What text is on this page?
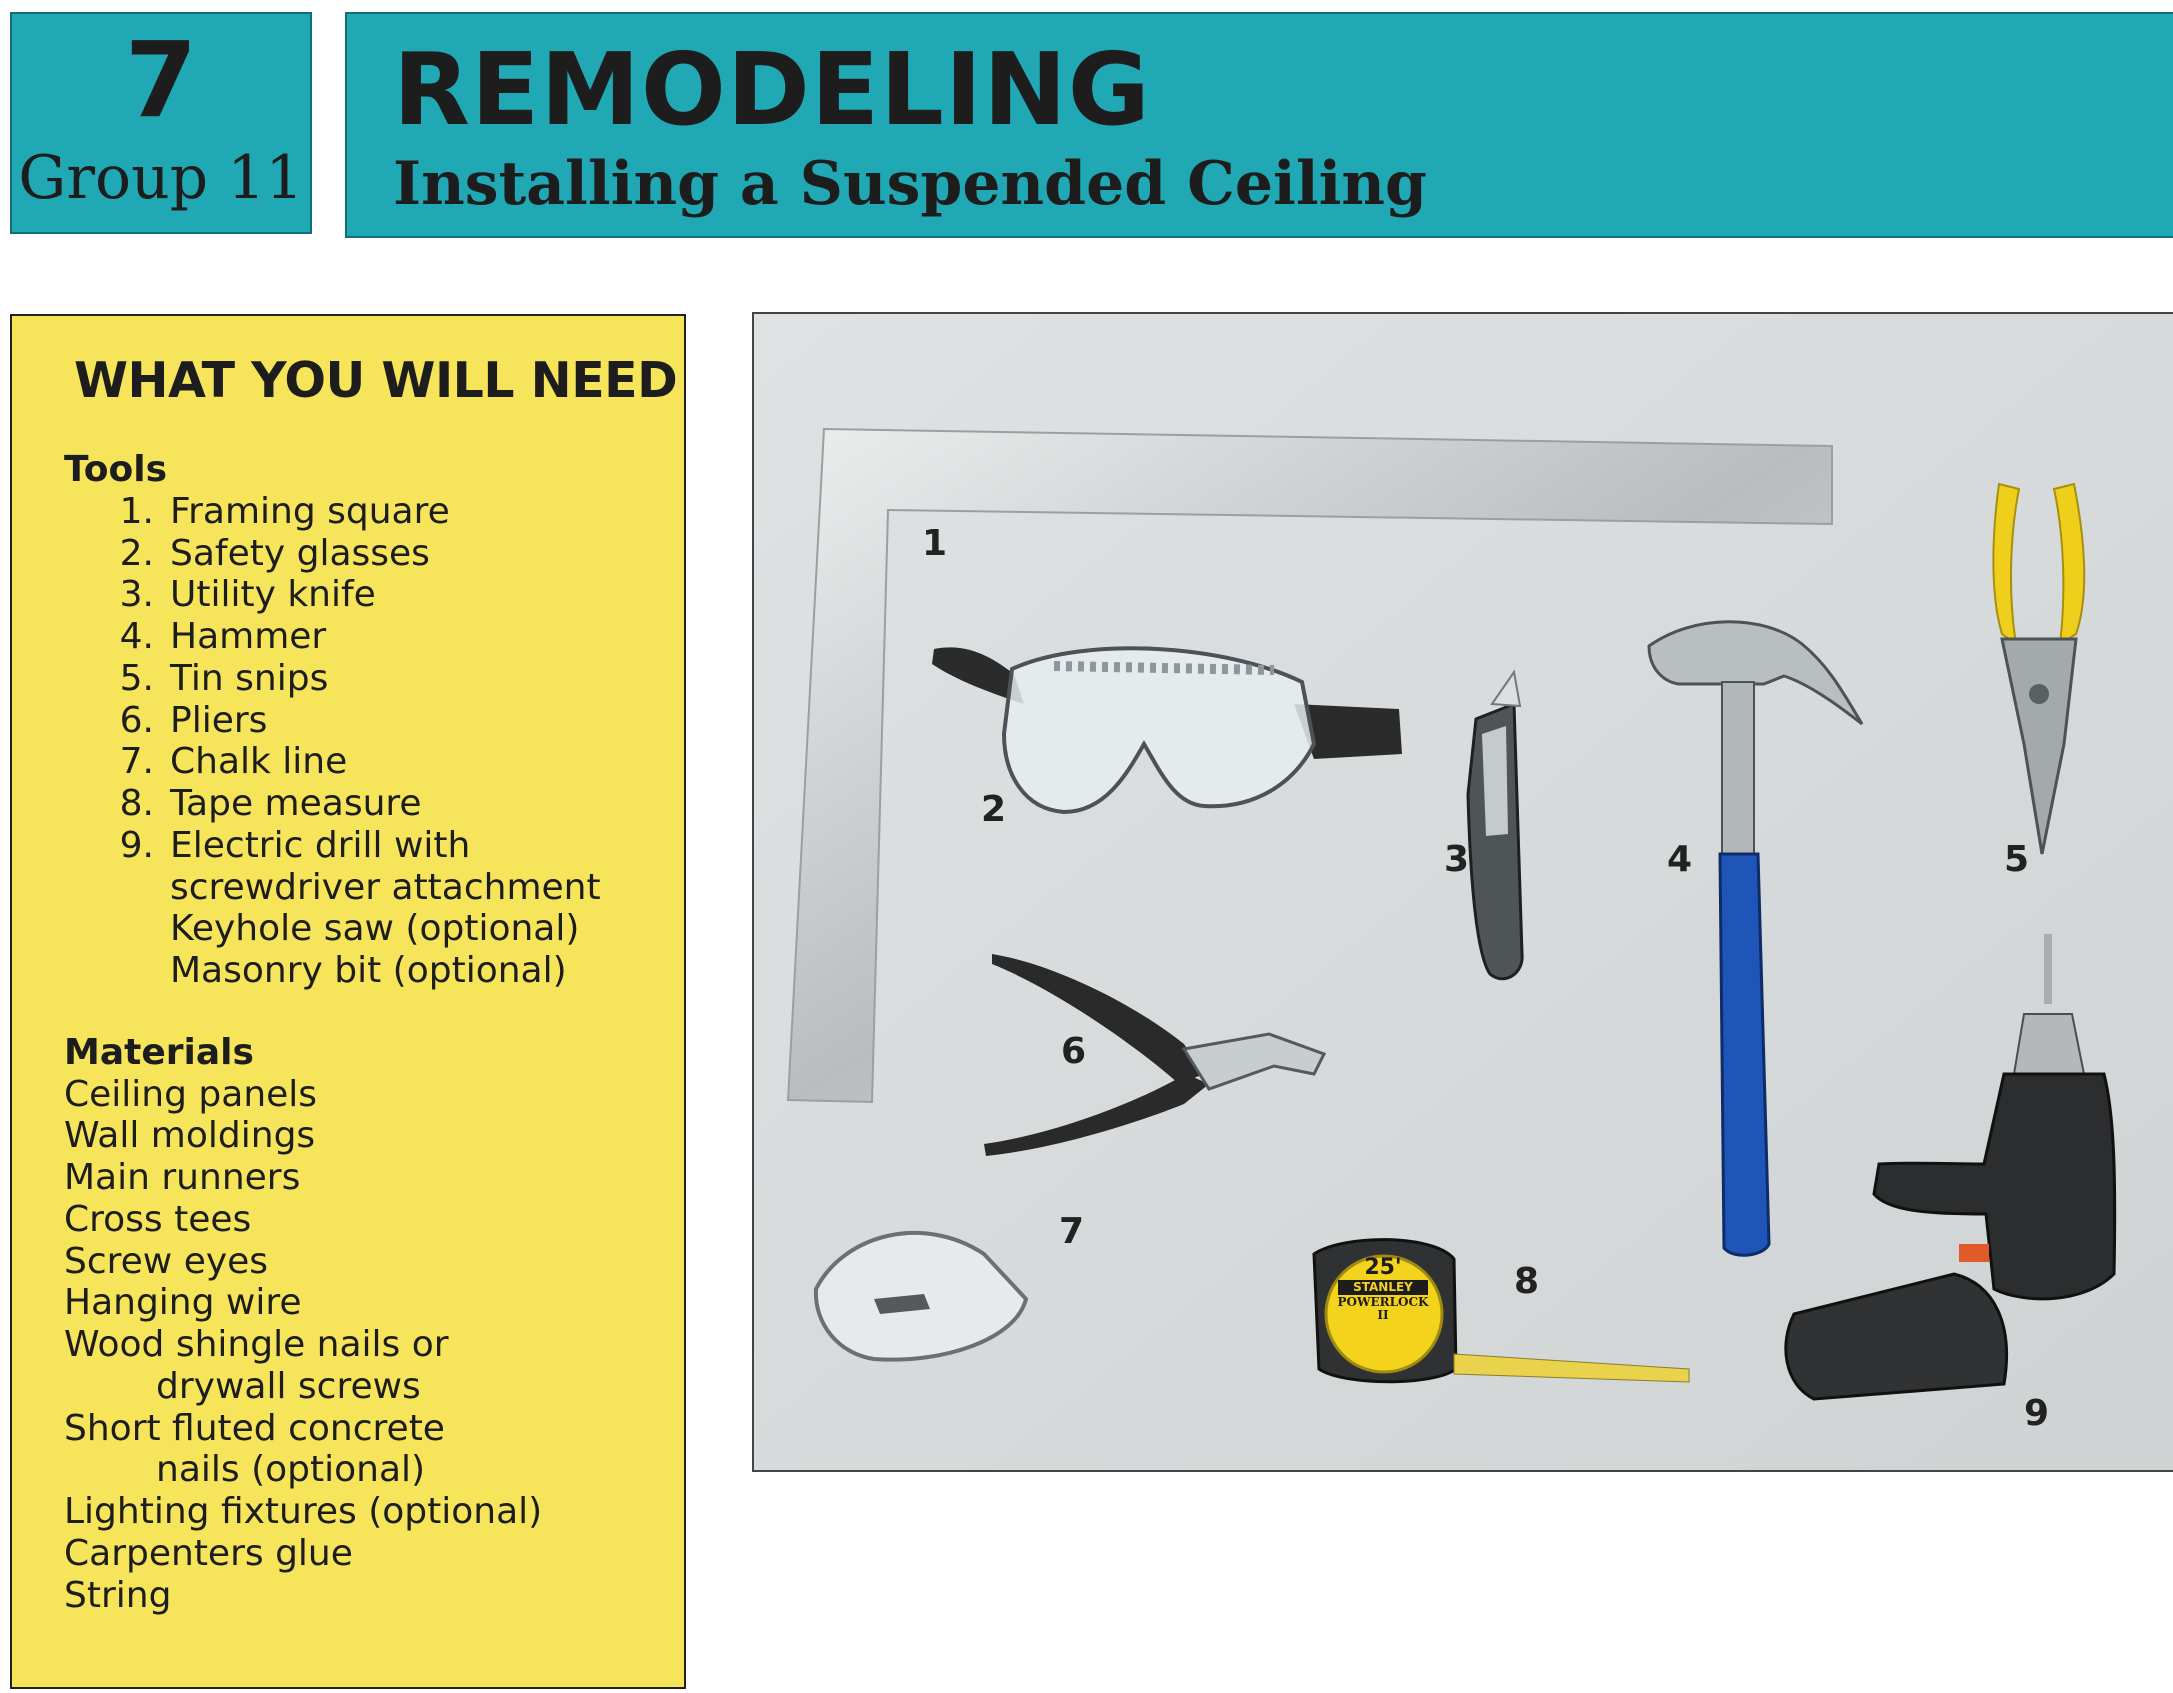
7
Group 11
REMODELING
Installing a Suspended Ceiling
WHAT YOU WILL NEED

Tools

1. Framing square

2. Safety glasses

3. Utility knife

4. Hammer

5. Tin snips

6. Pliers

7. Chalk line

8. Tape measure

9. Electric drill with

screwdriver attachment

Keyhole saw (optional)

Masonry bit (optional)

Materials

Ceiling panels

Wall moldings

Main runners

Cross tees

Screw eyes

Hanging wire

Wood shingle nails or

drywall screws

Short fluted concrete

nails (optional)

Lighting fixtures (optional)

Carpenters glue

String

1
2
3	4	5
6
7
8
9
25'
STANLEY
POWERLOCK
II
